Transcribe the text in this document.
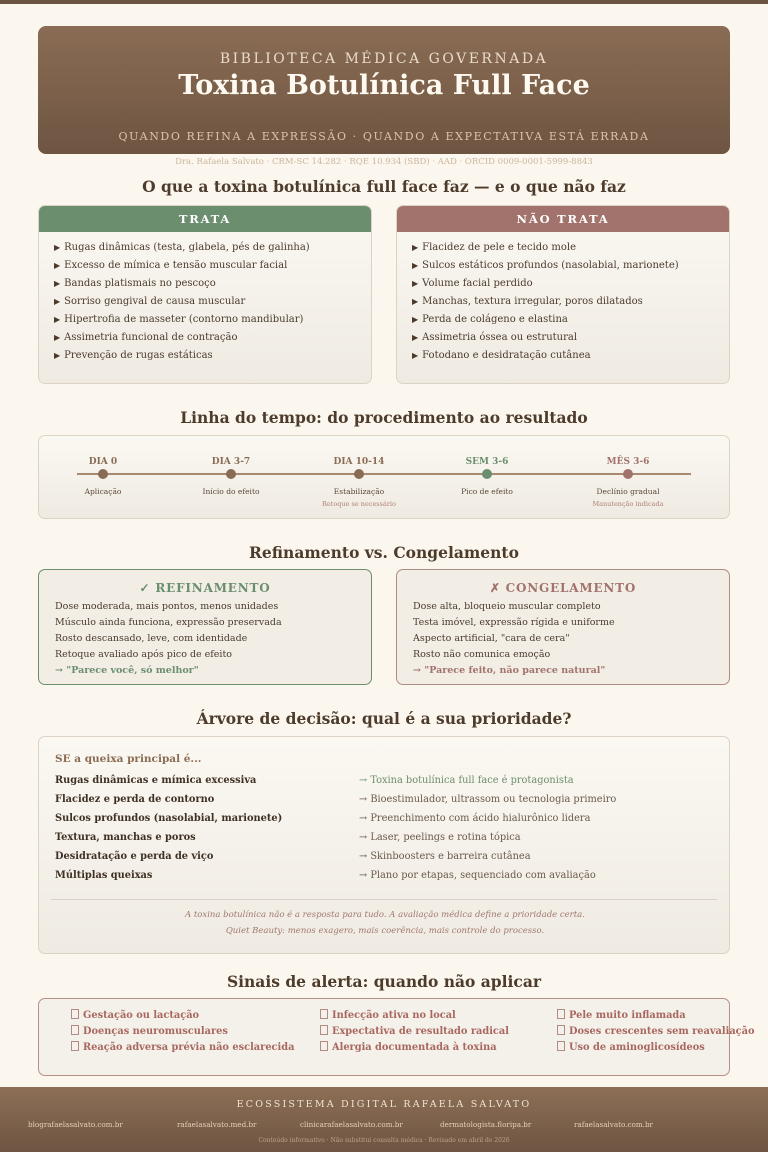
BIBLIOTECA MÉDICA GOVERNADA
Toxina Botulínica Full Face
QUANDO REFINA A EXPRESSÃO · QUANDO A EXPECTATIVA ESTÁ ERRADA
Dra. Rafaela Salvato · CRM-SC 14.282 · RQE 10.934 (SBD) · AAD · ORCID 0009-0001-5999-8843
O que a toxina botulínica full face faz — e o que não faz
TRATA
▶ Rugas dinâmicas (testa, glabela, pés de galinha)
▶ Excesso de mímica e tensão muscular facial
▶ Bandas platismais no pescoço
▶ Sorriso gengival de causa muscular
▶ Hipertrofia de masseter (contorno mandibular)
▶ Assimetria funcional de contração
▶ Prevenção de rugas estáticas
NÃO TRATA
▶ Flacidez de pele e tecido mole
▶ Sulcos estáticos profundos (nasolabial, marionete)
▶ Volume facial perdido
▶ Manchas, textura irregular, poros dilatados
▶ Perda de colágeno e elastina
▶ Assimetria óssea ou estrutural
▶ Fotodano e desidratação cutânea
Linha do tempo: do procedimento ao resultado
DIA 0
Aplicação
DIA 3-7
Início do efeito
DIA 10-14
Estabilização
Retoque se necessário
SEM 3-6
Pico de efeito
MÊS 3-6
Declínio gradual
Manutenção indicada
Refinamento vs. Congelamento
✓ REFINAMENTO
Dose moderada, mais pontos, menos unidades
Músculo ainda funciona, expressão preservada
Rosto descansado, leve, com identidade
Retoque avaliado após pico de efeito
→ "Parece você, só melhor"
✗ CONGELAMENTO
Dose alta, bloqueio muscular completo
Testa imóvel, expressão rígida e uniforme
Aspecto artificial, "cara de cera"
Rosto não comunica emoção
→ "Parece feito, não parece natural"
Árvore de decisão: qual é a sua prioridade?
SE a queixa principal é...
Rugas dinâmicas e mímica excessiva	→ Toxina botulínica full face é protagonista
Flacidez e perda de contorno	→ Bioestimulador, ultrassom ou tecnologia primeiro
Sulcos profundos (nasolabial, marionete)	→ Preenchimento com ácido hialurônico lidera
Textura, manchas e poros	→ Laser, peelings e rotina tópica
Desidratação e perda de viço	→ Skinboosters e barreira cutânea
Múltiplas queixas	→ Plano por etapas, sequenciado com avaliação
A toxina botulínica não é a resposta para tudo. A avaliação médica define a prioridade certa.
Quiet Beauty: menos exagero, mais coerência, mais controle do processo.
Sinais de alerta: quando não aplicar
Gestação ou lactação
Doenças neuromusculares
Reação adversa prévia não esclarecida
Infecção ativa no local
Expectativa de resultado radical
Alergia documentada à toxina
Pele muito inflamada
Doses crescentes sem reavaliação
Uso de aminoglicosídeos
ECOSSISTEMA DIGITAL RAFAELA SALVATO
blografaelasalvato.com.br	rafaelasalvato.med.br	clinicarafaelasalvato.com.br	dermatologista.floripa.br	rafaelasalvato.com.br
Conteúdo informativo · Não substitui consulta médica · Revisado em abril de 2026
